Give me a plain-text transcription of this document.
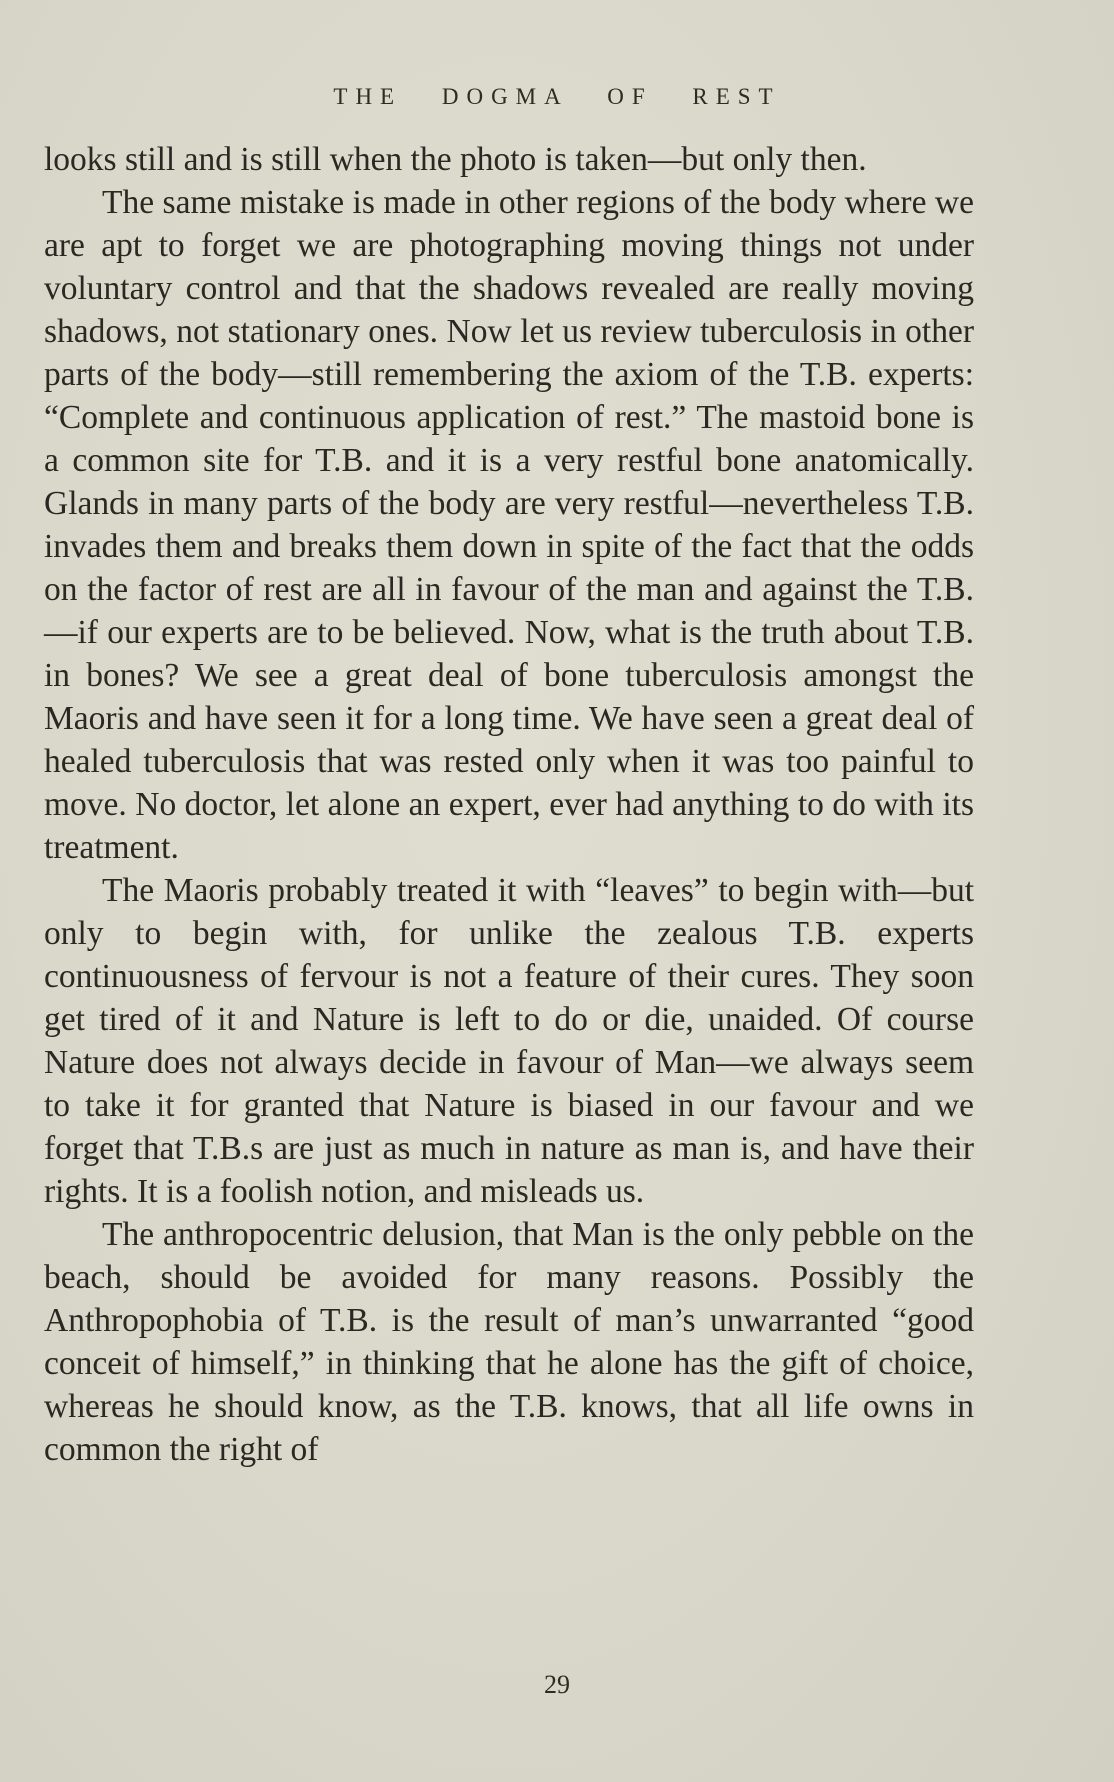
THE DOGMA OF REST

looks still and is still when the photo is taken—but only then.

The same mistake is made in other regions of the body where we are apt to forget we are photographing moving things not under voluntary control and that the shadows revealed are really moving shadows, not stationary ones. Now let us review tuberculosis in other parts of the body—still remembering the axiom of the T.B. experts: “Complete and continuous application of rest.” The mastoid bone is a common site for T.B. and it is a very restful bone anatomically. Glands in many parts of the body are very restful—nevertheless T.B. invades them and breaks them down in spite of the fact that the odds on the factor of rest are all in favour of the man and against the T.B.—if our experts are to be believed. Now, what is the truth about T.B. in bones? We see a great deal of bone tuberculosis amongst the Maoris and have seen it for a long time. We have seen a great deal of healed tuberculosis that was rested only when it was too painful to move. No doctor, let alone an expert, ever had anything to do with its treatment.

The Maoris probably treated it with “leaves” to begin with—but only to begin with, for unlike the zealous T.B. experts continuousness of fervour is not a feature of their cures. They soon get tired of it and Nature is left to do or die, unaided. Of course Nature does not always decide in favour of Man—we always seem to take it for granted that Nature is biased in our favour and we forget that T.B.s are just as much in nature as man is, and have their rights. It is a foolish notion, and misleads us.

The anthropocentric delusion, that Man is the only pebble on the beach, should be avoided for many reasons. Possibly the Anthropophobia of T.B. is the result of man’s unwarranted “good conceit of himself,” in thinking that he alone has the gift of choice, whereas he should know, as the T.B. knows, that all life owns in common the right of

29
